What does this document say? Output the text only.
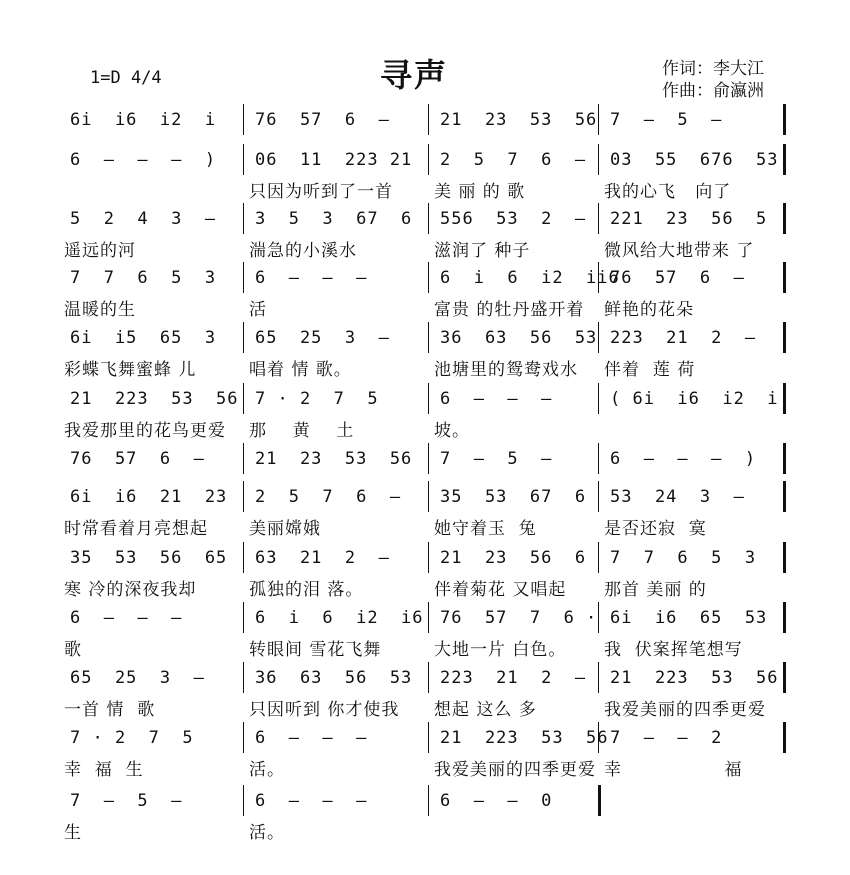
寻声
1=D 4/4	作词：李大江
作曲：俞瀛洲
6i  i6  i2  i 76  57  6  —	21  23  53  56 7  —  5  —
6  —  —  —  ) 06  11  223 21
只因为听到了一首
2  5  7  6  —
美 丽 的 歌
03  55  676  53
我的心飞   向了
5  2  4  3  —
遥远的河
3  5  3  67  6
湍急的小溪水
556  53  2  —
滋润了 种子
221  23  56  5
微风给大地带来 了
7  7  6  5  3
温暖的生
6  —  —  —
活
6  i  6  i2  ii6
富贵 的牡丹盛开着
76  57  6  —
鲜艳的花朵
6i  i5  65  3
彩蝶飞舞蜜蜂 儿
65  25  3  —
唱着 情 歌。
36  63  56  53
池塘里的鸳鸯戏水
223  21  2  —
伴着  莲 荷
21  223  53  56
我爱那里的花鸟更爱
7 · 2  7  5
那    黄    土
6  —  —  —
坡。
( 6i  i6  i2  i
76  57  6  —	21  23  53  56 7  —  5  —	6  —  —  —  )
6i  i6  21  23
时常看着月亮想起
2  5  7  6  —
美丽嫦娥
35  53  67  6
她守着玉  兔
53  24  3  —
是否还寂  寞
35  53  56  65
寒 冷的深夜我却
63  21  2  —
孤独的泪 落。
21  23  56  6
伴着菊花 又唱起
7  7  6  5  3
那首 美丽 的
6  —  —  —
歌
6  i  6  i2  i6
转眼间 雪花飞舞
76  57  7  6 ·
大地一片 白色。
6i  i6  65  53
我  伏案挥笔想写
65  25  3  —
一首 情  歌
36  63  56  53
只因听到 你才使我
223  21  2  —
想起 这么 多
21  223  53  56
我爱美丽的四季更爱
7 · 2  7  5
幸  福  生
6  —  —  —
活。
21  223  53  56
我爱美丽的四季更爱
7  —  —  2
幸                福
7  —  5  —
生
6  —  —  —
活。
6  —  —  0
